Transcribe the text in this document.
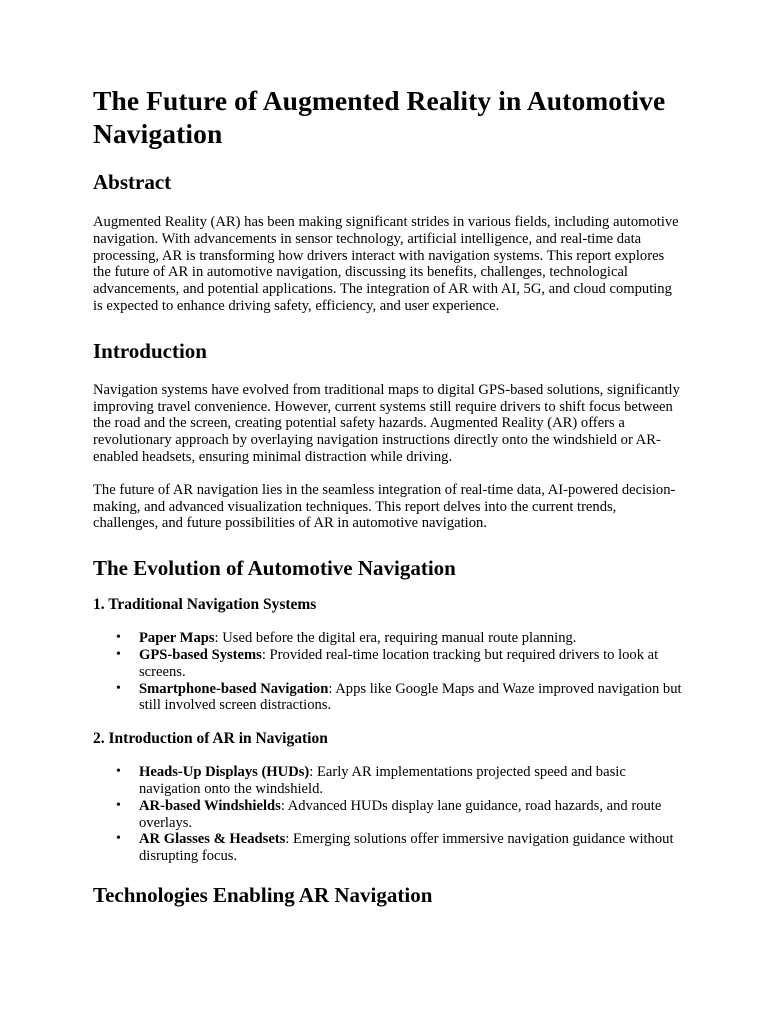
The Future of Augmented Reality in Automotive Navigation
Abstract

Augmented Reality (AR) has been making significant strides in various fields, including automotive navigation. With advancements in sensor technology, artificial intelligence, and real-time data processing, AR is transforming how drivers interact with navigation systems. This report explores the future of AR in automotive navigation, discussing its benefits, challenges, technological advancements, and potential applications. The integration of AR with AI, 5G, and cloud computing is expected to enhance driving safety, efficiency, and user experience.

Introduction

Navigation systems have evolved from traditional maps to digital GPS-based solutions, significantly improving travel convenience. However, current systems still require drivers to shift focus between the road and the screen, creating potential safety hazards. Augmented Reality (AR) offers a revolutionary approach by overlaying navigation instructions directly onto the windshield or AR-enabled headsets, ensuring minimal distraction while driving.

The future of AR navigation lies in the seamless integration of real-time data, AI-powered decision-making, and advanced visualization techniques. This report delves into the current trends, challenges, and future possibilities of AR in automotive navigation.

The Evolution of Automotive Navigation
1. Traditional Navigation Systems
• Paper Maps: Used before the digital era, requiring manual route planning.
• GPS-based Systems: Provided real-time location tracking but required drivers to look at screens.
• Smartphone-based Navigation: Apps like Google Maps and Waze improved navigation but still involved screen distractions.
2. Introduction of AR in Navigation
• Heads-Up Displays (HUDs): Early AR implementations projected speed and basic navigation onto the windshield.
• AR-based Windshields: Advanced HUDs display lane guidance, road hazards, and route overlays.
• AR Glasses & Headsets: Emerging solutions offer immersive navigation guidance without disrupting focus.
Technologies Enabling AR Navigation
